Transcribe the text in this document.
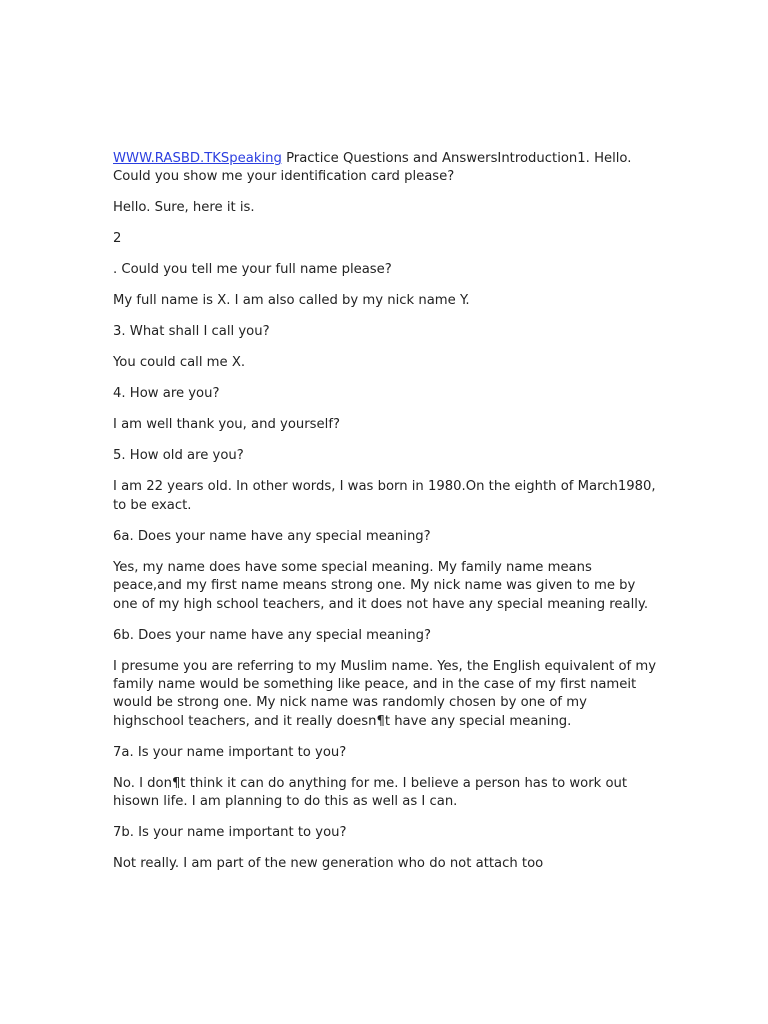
WWW.RASBD.TKSpeaking Practice Questions and AnswersIntroduction1. Hello. Could you show me your identification card please?

Hello. Sure, here it is.

2

. Could you tell me your full name please?

My full name is X. I am also called by my nick name Y.

3. What shall I call you?

You could call me X.

4. How are you?

I am well thank you, and yourself?

5. How old are you?

I am 22 years old. In other words, I was born in 1980.On the eighth of March1980, to be exact.

6a. Does your name have any special meaning?

Yes, my name does have some special meaning. My family name means peace,and my first name means strong one. My nick name was given to me by one of my high school teachers, and it does not have any special meaning really.

6b. Does your name have any special meaning?

I presume you are referring to my Muslim name. Yes, the English equivalent of my family name would be something like peace, and in the case of my first nameit would be strong one. My nick name was randomly chosen by one of my highschool teachers, and it really doesn¶t have any special meaning.

7a. Is your name important to you?

No. I don¶t think it can do anything for me. I believe a person has to work out hisown life. I am planning to do this as well as I can.

7b. Is your name important to you?

Not really. I am part of the new generation who do not attach too
